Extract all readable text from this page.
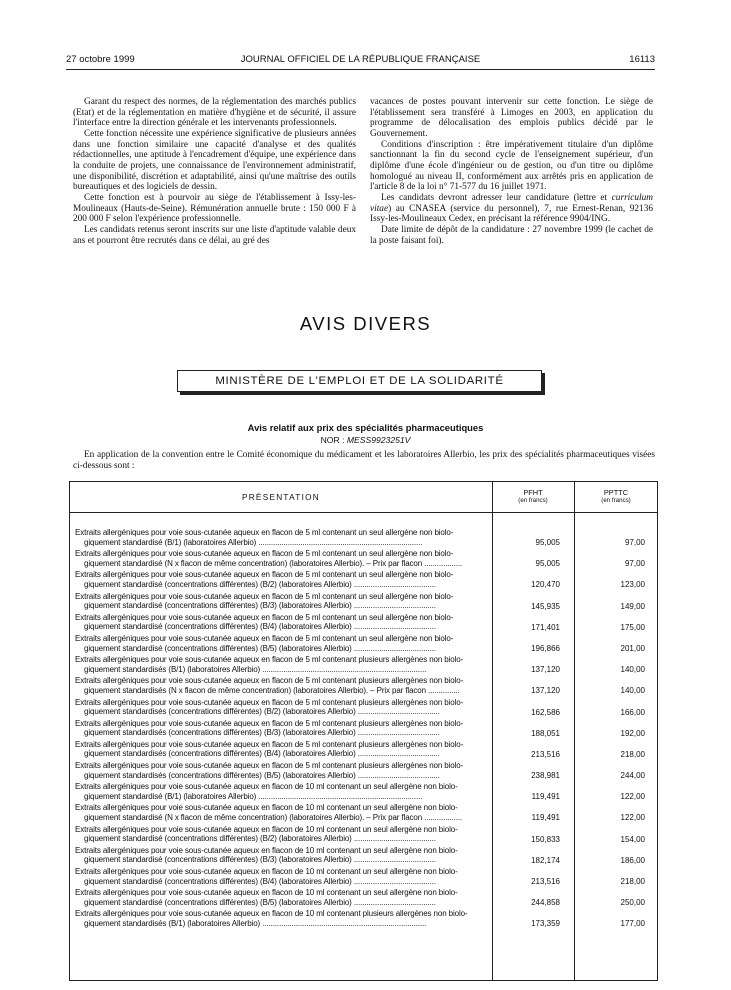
27 octobre 1999	JOURNAL OFFICIEL DE LA RÉPUBLIQUE FRANÇAISE	16113

Garant du respect des normes, de la réglementation des marchés publics (Etat) et de la réglementation en matière d'hygiène et de sécurité, il assure l'interface entre la direction générale et les intervenants professionnels.

Cette fonction nécessite une expérience significative de plusieurs années dans une fonction similaire une capacité d'analyse et des qualités rédactionnelles, une aptitude à l'encadrement d'équipe, une expérience dans la conduite de projets, une connaissance de l'environnement administratif, une disponibilité, discrétion et adaptabilité, ainsi qu'une maîtrise des outils bureautiques et des logiciels de dessin.

Cette fonction est à pourvoir au siège de l'établissement à Issy-les-Moulineaux (Hauts-de-Seine). Rémunération annuelle brute : 150 000 F à 200 000 F selon l'expérience professionnelle.

Les candidats retenus seront inscrits sur une liste d'aptitude valable deux ans et pourront être recrutés dans ce délai, au gré des

vacances de postes pouvant intervenir sur cette fonction. Le siège de l'établissement sera transféré à Limoges en 2003, en application du programme de délocalisation des emplois publics décidé par le Gouvernement.

Conditions d'inscription : être impérativement titulaire d'un diplôme sanctionnant la fin du second cycle de l'enseignement supérieur, d'un diplôme d'une école d'ingénieur ou de gestion, ou d'un titre ou diplôme homologué au niveau II, conformément aux arrêtés pris en application de l'article 8 de la loi n° 71-577 du 16 juillet 1971.

Les candidats devront adresser leur candidature (lettre et curriculum vitae) au CNASEA (service du personnel), 7, rue Ernest-Renan, 92136 Issy-les-Moulineaux Cedex, en précisant la référence 9904/ING.

Date limite de dépôt de la candidature : 27 novembre 1999 (le cachet de la poste faisant foi).

AVIS DIVERS
MINISTÈRE DE L'EMPLOI ET DE LA SOLIDARITÉ
Avis relatif aux prix des spécialités pharmaceutiques
NOR : MESS9923251V
En application de la convention entre le Comité économique du médicament et les laboratoires Allerbio, les prix des spécialités pharmaceutiques visées ci-dessous sont :
PRÉSENTATION
PFHT
(en francs)
PPTTC
(en francs)
Extraits allergéniques pour voie sous-cutanée aqueux en flacon de 5 ml contenant un seul allergène non biolo-
giquement standardisé (B/1) (laboratoires Allerbio) ..............................................................................	95,005	97,00
Extraits allergéniques pour voie sous-cutanée aqueux en flacon de 5 ml contenant un seul allergène non biolo-
giquement standardisé (N x flacon de même concentration) (laboratoires Allerbio). – Prix par flacon ..................	95,005	97,00
Extraits allergéniques pour voie sous-cutanée aqueux en flacon de 5 ml contenant un seul allergène non biolo-
giquement standardisé (concentrations différentes) (B/2) (laboratoires Allerbio) .......................................	120,470	123,00
Extraits allergéniques pour voie sous-cutanée aqueux en flacon de 5 ml contenant un seul allergène non biolo-
giquement standardisé (concentrations différentes) (B/3) (laboratoires Allerbio) .......................................	145,935	149,00
Extraits allergéniques pour voie sous-cutanée aqueux en flacon de 5 ml contenant un seul allergène non biolo-
giquement standardisé (concentrations différentes) (B/4) (laboratoires Allerbio) .......................................	171,401	175,00
Extraits allergéniques pour voie sous-cutanée aqueux en flacon de 5 ml contenant un seul allergène non biolo-
giquement standardisé (concentrations différentes) (B/5) (laboratoires Allerbio) .......................................	196,866	201,00
Extraits allergéniques pour voie sous-cutanée aqueux en flacon de 5 ml contenant plusieurs allergènes non biolo-
giquement standardisés (B/1) (laboratoires Allerbio) ..............................................................................	137,120	140,00
Extraits allergéniques pour voie sous-cutanée aqueux en flacon de 5 ml contenant plusieurs allergènes non biolo-
giquement standardisés (N x flacon de même concentration) (laboratoires Allerbio). – Prix par flacon ...............	137,120	140,00
Extraits allergéniques pour voie sous-cutanée aqueux en flacon de 5 ml contenant plusieurs allergènes non biolo-
giquement standardisés (concentrations différentes) (B/2) (laboratoires Allerbio) .......................................	162,586	166,00
Extraits allergéniques pour voie sous-cutanée aqueux en flacon de 5 ml contenant plusieurs allergènes non biolo-
giquement standardisés (concentrations différentes) (B/3) (laboratoires Allerbio) .......................................	188,051	192,00
Extraits allergéniques pour voie sous-cutanée aqueux en flacon de 5 ml contenant plusieurs allergènes non biolo-
giquement standardisés (concentrations différentes) (B/4) (laboratoires Allerbio) .......................................	213,516	218,00
Extraits allergéniques pour voie sous-cutanée aqueux en flacon de 5 ml contenant plusieurs allergènes non biolo-
giquement standardisés (concentrations différentes) (B/5) (laboratoires Allerbio) .......................................	238,981	244,00
Extraits allergéniques pour voie sous-cutanée aqueux en flacon de 10 ml contenant un seul allergène non biolo-
giquement standardisé (B/1) (laboratoires Allerbio) ..............................................................................	119,491	122,00
Extraits allergéniques pour voie sous-cutanée aqueux en flacon de 10 ml contenant un seul allergène non biolo-
giquement standardisé (N x flacon de même concentration) (laboratoires Allerbio). – Prix par flacon ..................	119,491	122,00
Extraits allergéniques pour voie sous-cutanée aqueux en flacon de 10 ml contenant un seul allergène non biolo-
giquement standardisé (concentrations différentes) (B/2) (laboratoires Allerbio) .......................................	150,833	154,00
Extraits allergéniques pour voie sous-cutanée aqueux en flacon de 10 ml contenant un seul allergène non biolo-
giquement standardisé (concentrations différentes) (B/3) (laboratoires Allerbio) .......................................	182,174	186,00
Extraits allergéniques pour voie sous-cutanée aqueux en flacon de 10 ml contenant un seul allergène non biolo-
giquement standardisé (concentrations différentes) (B/4) (laboratoires Allerbio) .......................................	213,516	218,00
Extraits allergéniques pour voie sous-cutanée aqueux en flacon de 10 ml contenant un seul allergène non biolo-
giquement standardisé (concentrations différentes) (B/5) (laboratoires Allerbio) .......................................	244,858	250,00
Extraits allergéniques pour voie sous-cutanée aqueux en flacon de 10 ml contenant plusieurs allergènes non biolo-
giquement standardisés (B/1) (laboratoires Allerbio) ..............................................................................	173,359	177,00
